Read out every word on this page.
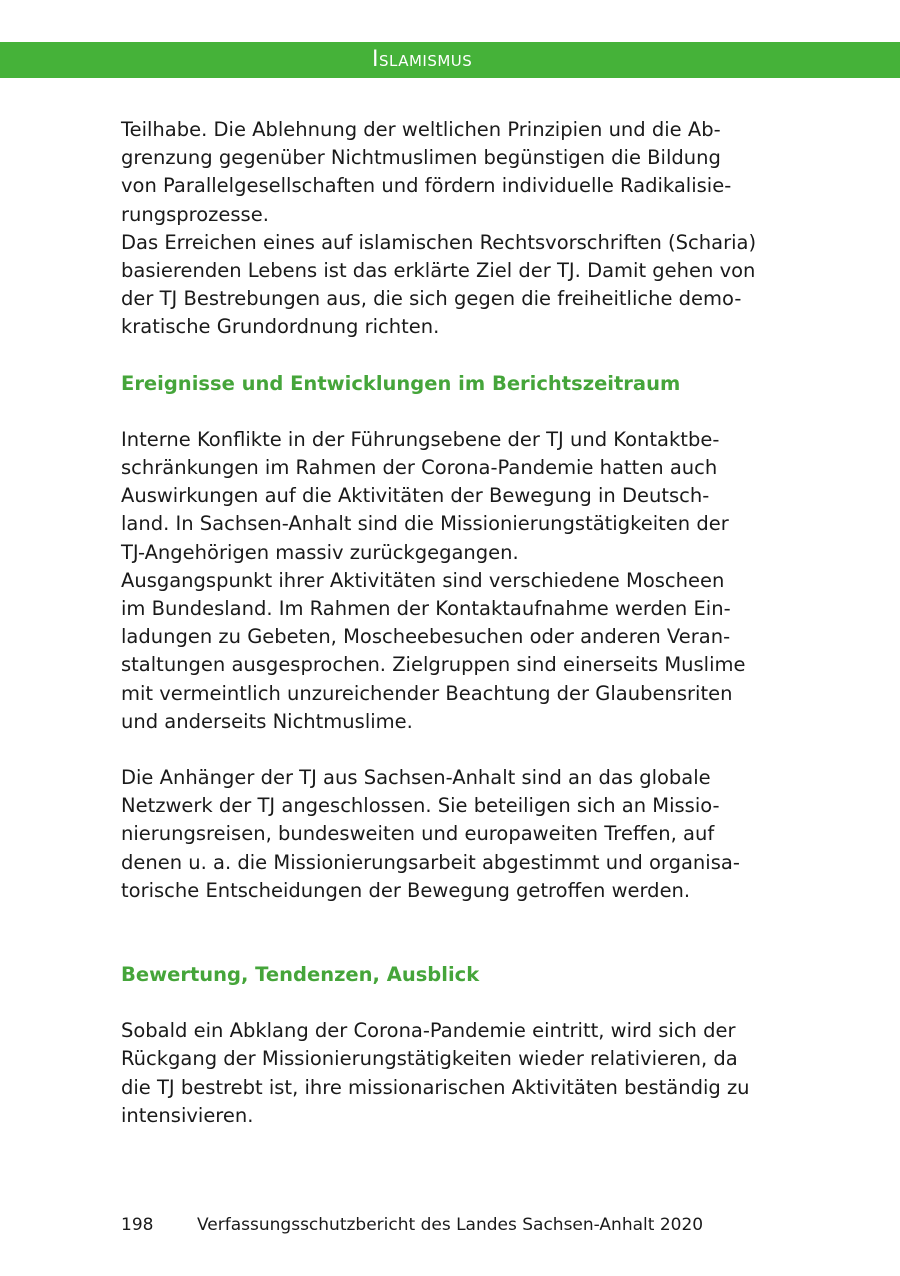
Islamismus
Teilhabe. Die Ablehnung der weltlichen Prinzipien und die Ab-
grenzung gegenüber Nichtmuslimen begünstigen die Bildung
von Parallelgesellschaften und fördern individuelle Radikalisie-
rungsprozesse.
Das Erreichen eines auf islamischen Rechtsvorschriften (Scharia)
basierenden Lebens ist das erklärte Ziel der TJ. Damit gehen von
der TJ Bestrebungen aus, die sich gegen die freiheitliche demo-
kratische Grundordnung richten.
Ereignisse und Entwicklungen im Berichtszeitraum
Interne Konflikte in der Führungsebene der TJ und Kontaktbe-
schränkungen im Rahmen der Corona-Pandemie hatten auch
Auswirkungen auf die Aktivitäten der Bewegung in Deutsch-
land. In Sachsen-Anhalt sind die Missionierungstätigkeiten der
TJ-Angehörigen massiv zurückgegangen.
Ausgangspunkt ihrer Aktivitäten sind verschiedene Moscheen
im Bundesland. Im Rahmen der Kontaktaufnahme werden Ein-
ladungen zu Gebeten, Moscheebesuchen oder anderen Veran-
staltungen ausgesprochen. Zielgruppen sind einerseits Muslime
mit vermeintlich unzureichender Beachtung der Glaubensriten
und anderseits Nichtmuslime.
Die Anhänger der TJ aus Sachsen-Anhalt sind an das globale
Netzwerk der TJ angeschlossen. Sie beteiligen sich an Missio-
nierungsreisen, bundesweiten und europaweiten Treffen, auf
denen u. a. die Missionierungsarbeit abgestimmt und organisa-
torische Entscheidungen der Bewegung getroffen werden.
Bewertung, Tendenzen, Ausblick
Sobald ein Abklang der Corona-Pandemie eintritt, wird sich der
Rückgang der Missionierungstätigkeiten wieder relativieren, da
die TJ bestrebt ist, ihre missionarischen Aktivitäten beständig zu
intensivieren.
198	Verfassungsschutzbericht des Landes Sachsen-Anhalt 2020
